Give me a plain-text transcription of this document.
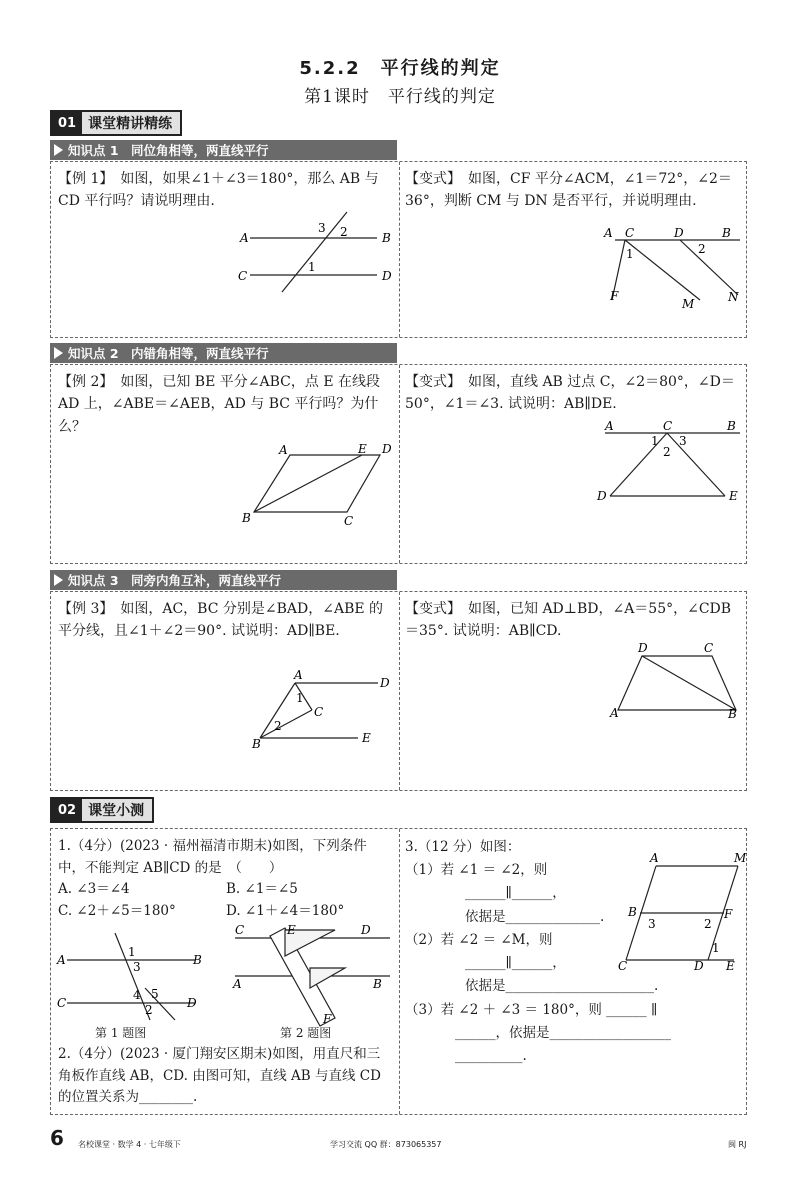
5.2.2　平行线的判定
第1课时　平行线的判定
01 课堂精讲精练
知识点 1　同位角相等，两直线平行
【例 1】　如图，如果∠1＋∠3＝180°，那么 AB 与 CD 平行吗？请说明理由.
A	B
C	D
3 2
1
【变式】　如图，CF 平分∠ACM，∠1＝72°，∠2＝36°，判断 CM 与 DN 是否平行，并说明理由.
A C	D	B
1	2
F
M	N
知识点 2　内错角相等，两直线平行
【例 2】　如图，已知 BE 平分∠ABC，点 E 在线段 AD 上，∠ABE＝∠AEB，AD 与 BC 平行吗？为什么？
A	E D
B	C
【变式】　如图，直线 AB 过点 C，∠2＝80°，∠D＝50°，∠1＝∠3. 试说明：AB∥DE.
A	C	B
1 3
2
D	E
知识点 3　同旁内角互补，两直线平行
【例 3】　如图，AC，BC 分别是∠BAD，∠ABE 的平分线，且∠1＋∠2＝90°. 试说明：AD∥BE.
A
D
1
2
C
B	E
【变式】　如图，已知 AD⊥BD，∠A＝55°，∠CDB＝35°. 试说明：AB∥CD.
D	C
A	B
02 课堂小测
1.（4分）(2023 · 福州福清市期末)如图，下列条件中，不能判定 AB∥CD 的是　（　　）
A. ∠3＝∠4	B. ∠1＝∠5
C. ∠2＋∠5＝180°	D. ∠1＋∠4＝180°
A	B
C	D
1
3
4 5
2
第 1 题图
C	E	D
A	B
F
第 2 题图
2.（4分）(2023 · 厦门翔安区期末)如图，用直尺和三角板作直线 AB，CD. 由图可知，直线 AB 与直线 CD 的位置关系为________.
3.（12 分）如图：
（1）若 ∠1 ＝ ∠2，则
______∥______，
依据是______________.
（2）若 ∠2 ＝ ∠M，则
______∥______，
依据是______________________.
（3）若 ∠2 ＋ ∠3 ＝ 180°，则 ______ ∥
______，依据是__________________
__________.
A	M
B	F
3	2
1
C	D E
6 名校课堂 · 数学 4 · 七年级下	学习交流 QQ 群：873065357	闽 RJ
